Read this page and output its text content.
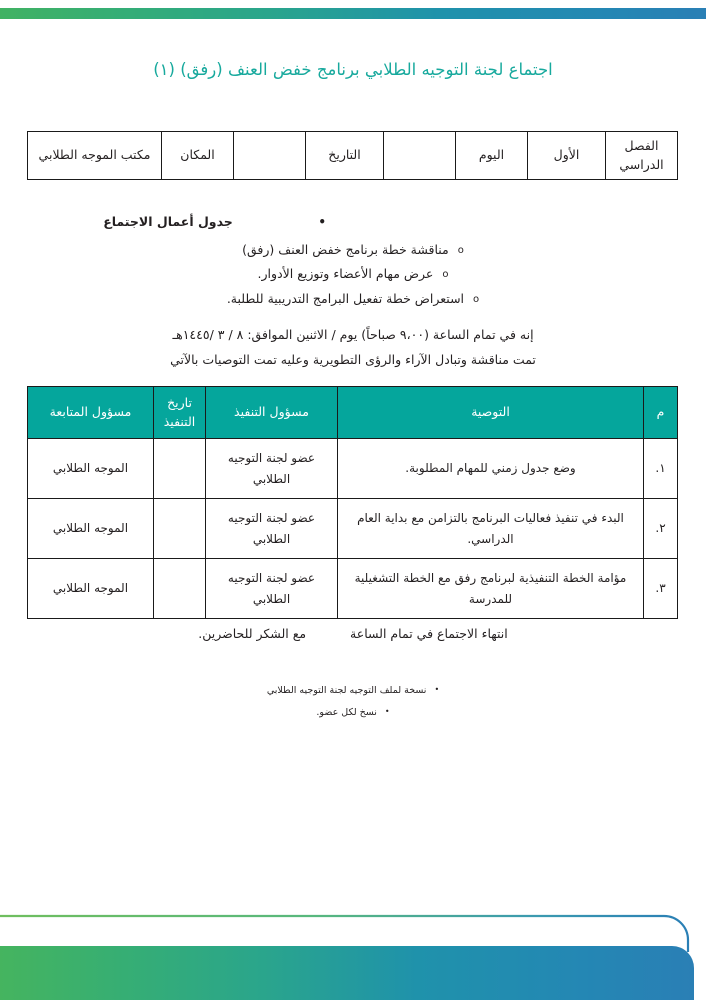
اجتماع لجنة التوجيه الطلابي برنامج خفض العنف (رفق) (١)
الفصل الدراسي	الأول	اليوم		التاريخ		المكان	مكتب الموجه الطلابي
•
جدول أعمال الاجتماع
oمناقشة خطة برنامج خفض العنف (رفق)
oعرض مهام الأعضاء وتوزيع الأدوار.
oاستعراض خطة تفعيل البرامج التدريبية للطلبة.

إنه في تمام الساعة (٩،٠٠ صباحاً) يوم / الاثنين الموافق: ٨ / ٣ /١٤٤٥هـ

تمت مناقشة وتبادل الآراء والرؤى التطويرية وعليه تمت التوصيات بالآتي

م	التوصية	مسؤول التنفيذ	تاريخ التنفيذ	مسؤول المتابعة
١.	وضع جدول زمني للمهام المطلوبة.	عضو لجنة التوجيه الطلابي		الموجه الطلابي
٢.	البدء في تنفيذ فعاليات البرنامج بالتزامن مع بداية العام الدراسي.	عضو لجنة التوجيه الطلابي		الموجه الطلابي
٣.	مؤامة الخطة التنفيذية لبرنامج رفق مع الخطة التشغيلية للمدرسة	عضو لجنة التوجيه الطلابي		الموجه الطلابي
انتهاء الاجتماع في تمام الساعة  مع الشكر للحاضرين.
•نسخة لملف التوجيه لجنة التوجيه الطلابي
•نسخ لكل عضو.
